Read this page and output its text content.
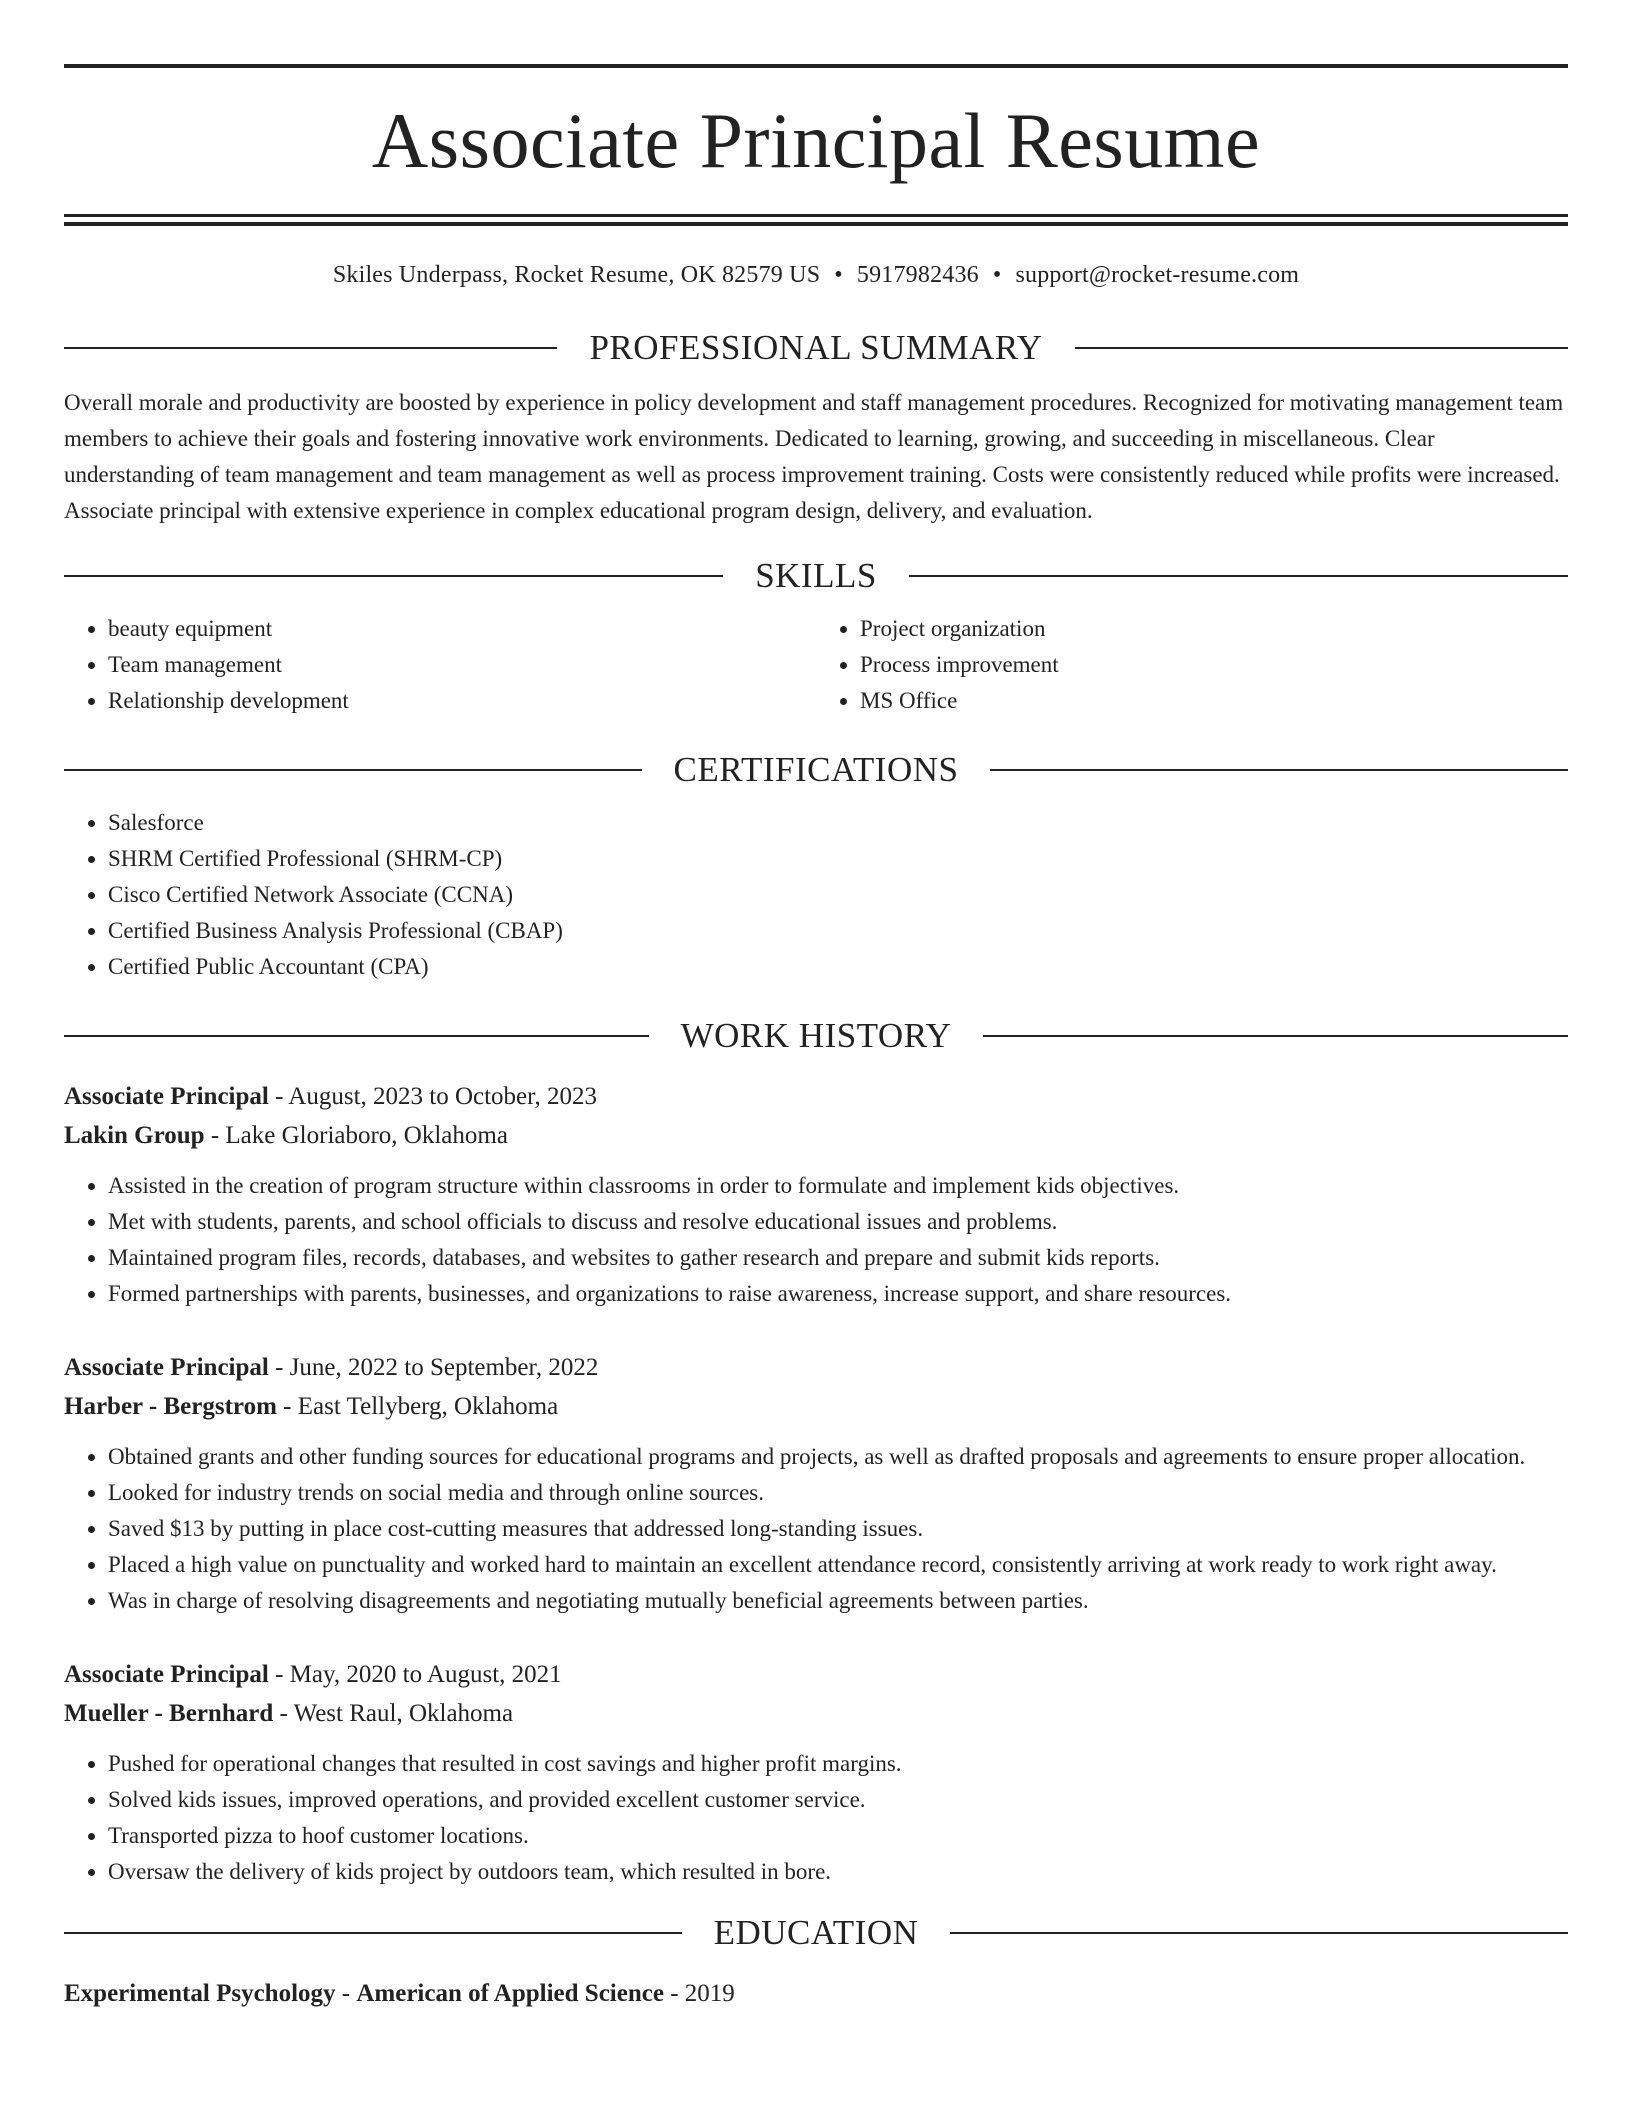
Associate Principal Resume
Skiles Underpass, Rocket Resume, OK 82579 US • 5917982436 • support@rocket-resume.com
PROFESSIONAL SUMMARY

Overall morale and productivity are boosted by experience in policy development and staff management procedures. Recognized for motivating management team members to achieve their goals and fostering innovative work environments. Dedicated to learning, growing, and succeeding in miscellaneous. Clear understanding of team management and team management as well as process improvement training. Costs were consistently reduced while profits were increased. Associate principal with extensive experience in complex educational program design, delivery, and evaluation.

SKILLS
• beauty equipment
• Team management
• Relationship development
• Project organization
• Process improvement
• MS Office
CERTIFICATIONS
• Salesforce
• SHRM Certified Professional (SHRM-CP)
• Cisco Certified Network Associate (CCNA)
• Certified Business Analysis Professional (CBAP)
• Certified Public Accountant (CPA)
WORK HISTORY

Associate Principal - August, 2023 to October, 2023

Lakin Group - Lake Gloriaboro, Oklahoma

• Assisted in the creation of program structure within classrooms in order to formulate and implement kids objectives.
• Met with students, parents, and school officials to discuss and resolve educational issues and problems.
• Maintained program files, records, databases, and websites to gather research and prepare and submit kids reports.
• Formed partnerships with parents, businesses, and organizations to raise awareness, increase support, and share resources.

Associate Principal - June, 2022 to September, 2022

Harber - Bergstrom - East Tellyberg, Oklahoma

• Obtained grants and other funding sources for educational programs and projects, as well as drafted proposals and agreements to ensure proper allocation.
• Looked for industry trends on social media and through online sources.
• Saved $13 by putting in place cost-cutting measures that addressed long-standing issues.
• Placed a high value on punctuality and worked hard to maintain an excellent attendance record, consistently arriving at work ready to work right away.
• Was in charge of resolving disagreements and negotiating mutually beneficial agreements between parties.

Associate Principal - May, 2020 to August, 2021

Mueller - Bernhard - West Raul, Oklahoma

• Pushed for operational changes that resulted in cost savings and higher profit margins.
• Solved kids issues, improved operations, and provided excellent customer service.
• Transported pizza to hoof customer locations.
• Oversaw the delivery of kids project by outdoors team, which resulted in bore.
EDUCATION

Experimental Psychology - American of Applied Science - 2019
